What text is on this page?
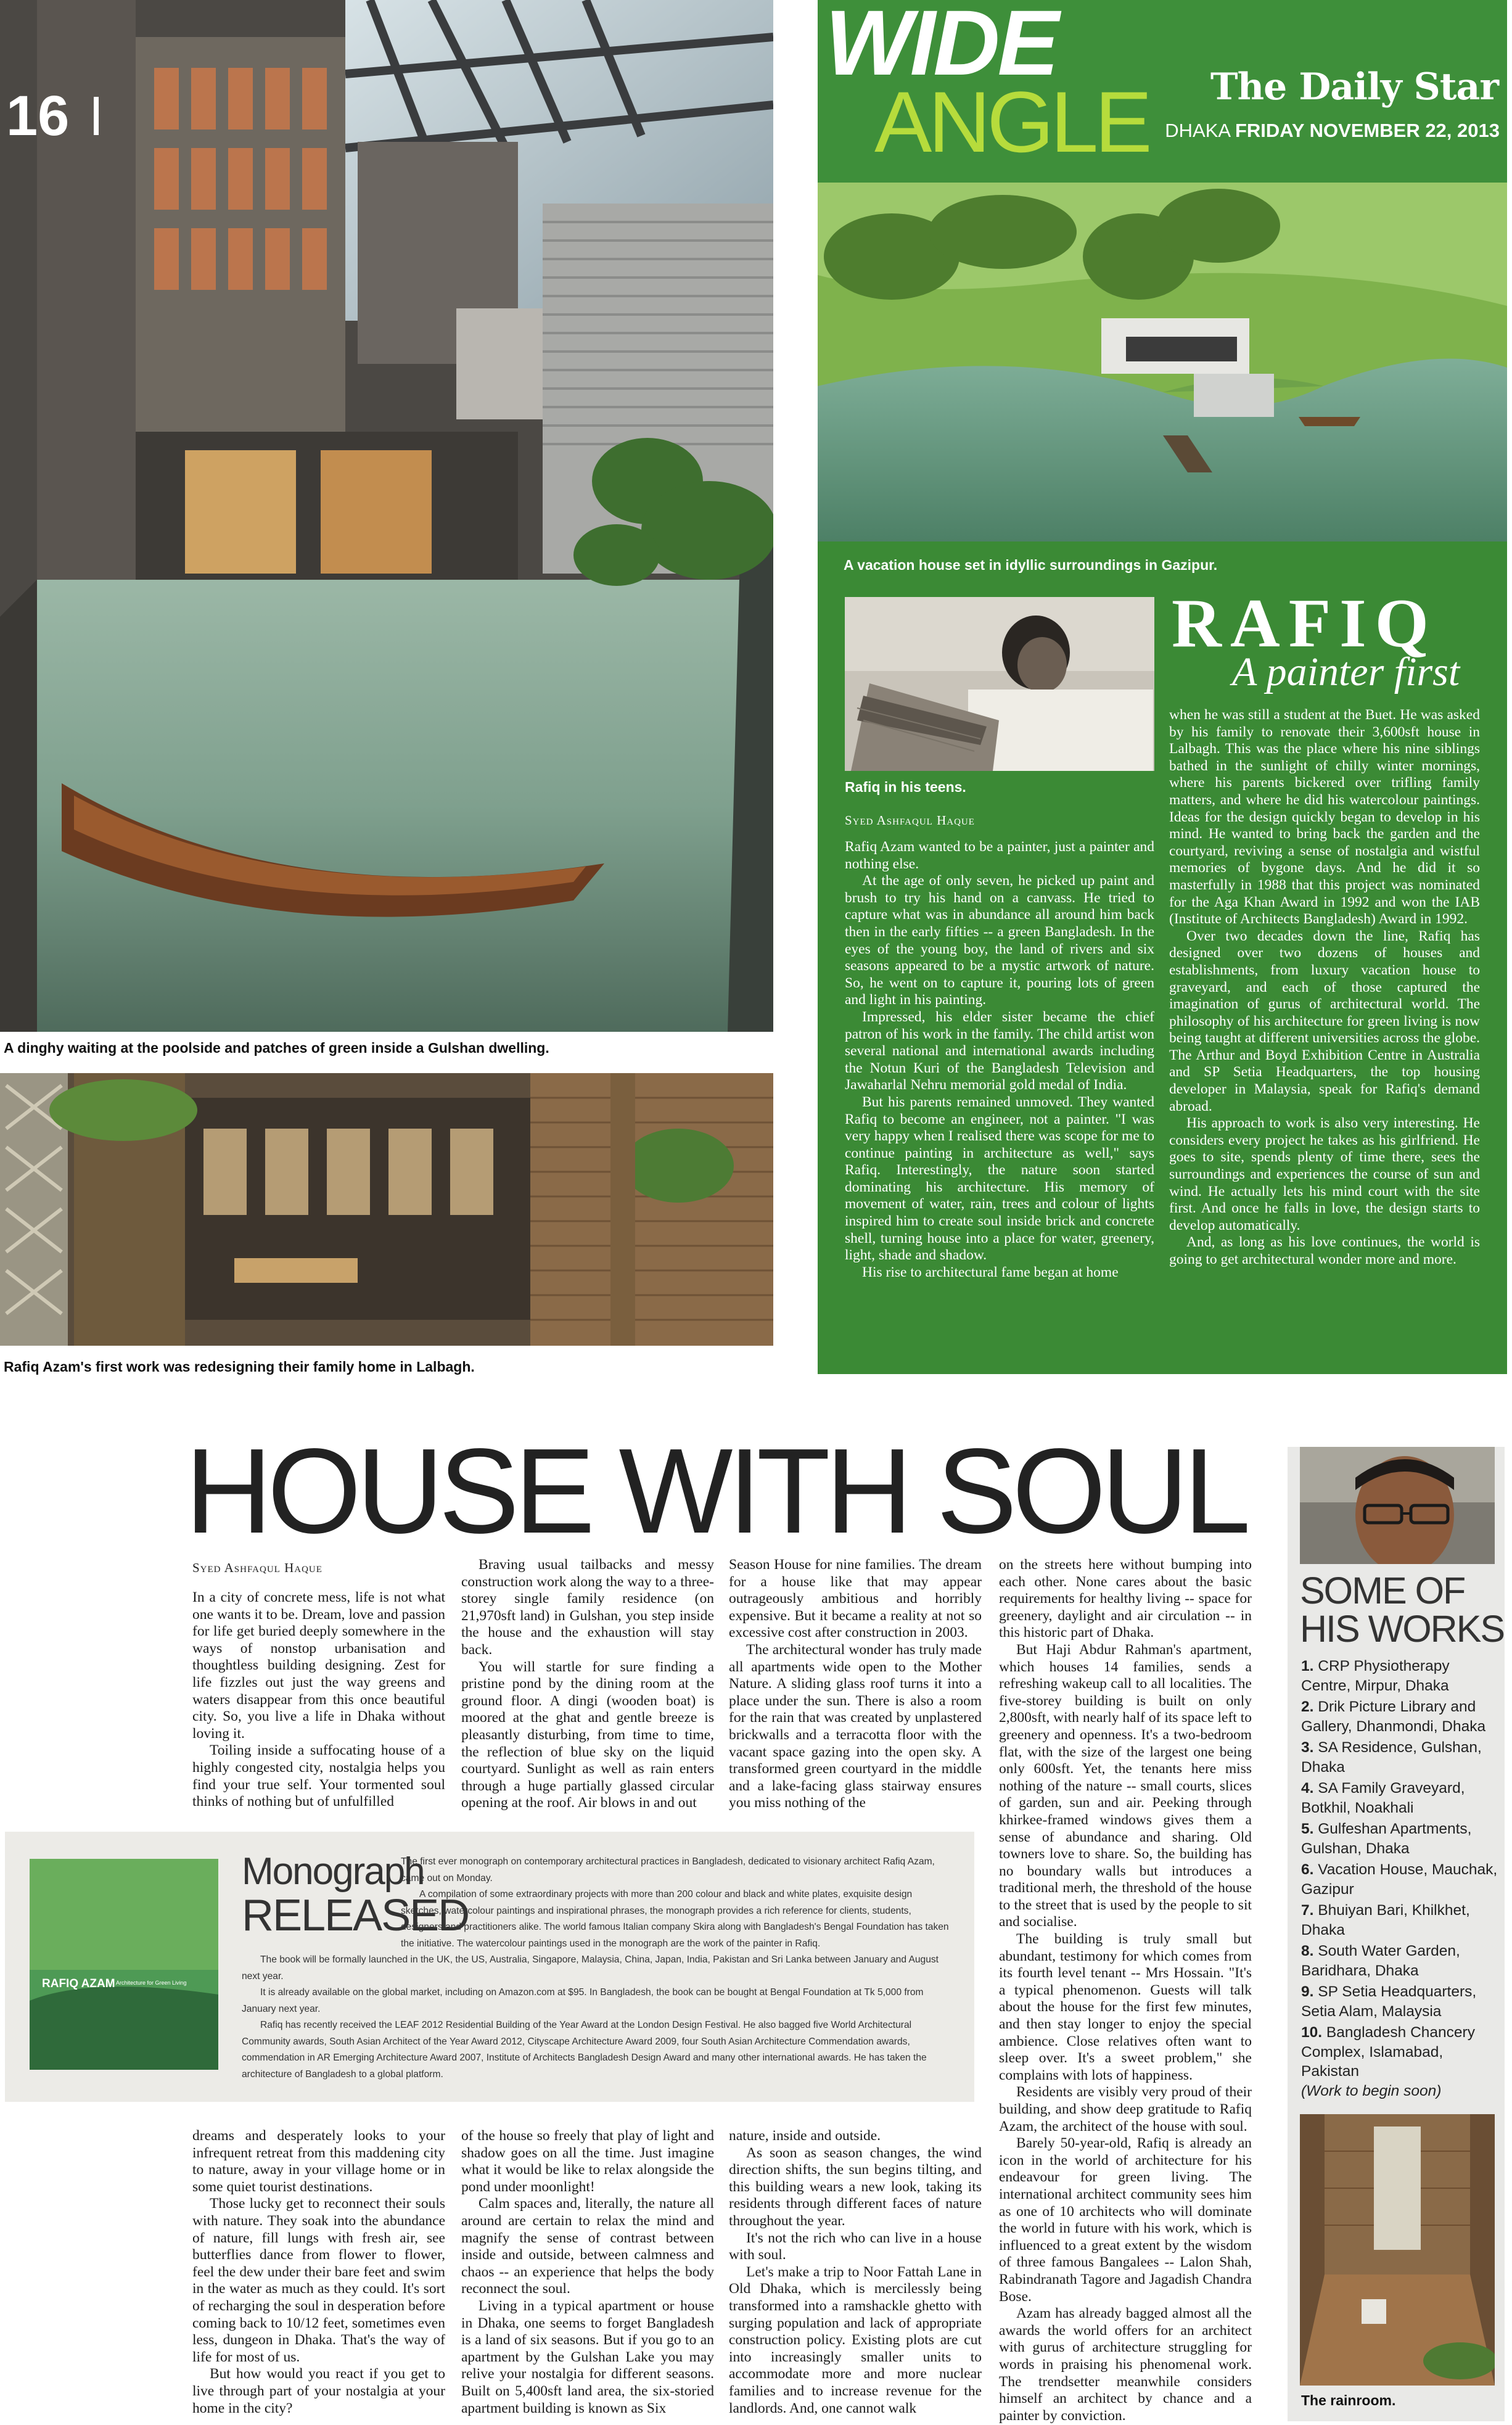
A dinghy waiting at the poolside and patches of green inside a Gulshan dwelling.
Rafiq Azam's first work was redesigning their family home in Lalbagh.
16
WIDE
ANGLE The Daily Star
DHAKA FRIDAY NOVEMBER 22, 2013
A vacation house set in idyllic surroundings in Gazipur.
Rafiq in his teens.
RAFIQ
A painter first
Syed Ashfaqul Haque

Rafiq Azam wanted to be a painter, just a painter and nothing else.

At the age of only seven, he picked up paint and brush to try his hand on a canvass. He tried to capture what was in abundance all around him back then in the early fifties -- a green Bangladesh. In the eyes of the young boy, the land of rivers and six seasons appeared to be a mystic artwork of nature. So, he went on to capture it, pouring lots of green and light in his painting.

Impressed, his elder sister became the chief patron of his work in the family. The child artist won several national and international awards including the Notun Kuri of the Bangladesh Television and Jawaharlal Nehru memorial gold medal of India.

But his parents remained unmoved. They wanted Rafiq to become an engineer, not a painter. "I was very happy when I realised there was scope for me to continue painting in architecture as well," says Rafiq. Interestingly, the nature soon started dominating his architecture. His memory of movement of water, rain, trees and colour of lights inspired him to create soul inside brick and concrete shell, turning house into a place for water, greenery, light, shade and shadow.

His rise to architectural fame began at home

when he was still a student at the Buet. He was asked by his family to renovate their 3,600sft house in Lalbagh. This was the place where his nine siblings bathed in the sunlight of chilly winter mornings, where his parents bickered over trifling family matters, and where he did his watercolour paintings. Ideas for the design quickly began to develop in his mind. He wanted to bring back the garden and the courtyard, reviving a sense of nostalgia and wistful memories of bygone days. And he did it so masterfully in 1988 that this project was nominated for the Aga Khan Award in 1992 and won the IAB (Institute of Architects Bangladesh) Award in 1992.

Over two decades down the line, Rafiq has designed over two dozens of houses and establishments, from luxury vacation house to graveyard, and each of those captured the imagination of gurus of architectural world. The philosophy of his architecture for green living is now being taught at different universities across the globe. The Arthur and Boyd Exhibition Centre in Australia and SP Setia Headquarters, the top housing developer in Malaysia, speak for Rafiq's demand abroad.

His approach to work is also very interesting. He considers every project he takes as his girlfriend. He goes to site, spends plenty of time there, sees the surroundings and experiences the course of sun and wind. He actually lets his mind court with the site first. And once he falls in love, the design starts to develop automatically.

And, as long as his love continues, the world is going to get architectural wonder more and more.

HOUSE WITH SOUL
Syed Ashfaqul Haque

In a city of concrete mess, life is not what one wants it to be. Dream, love and passion for life get buried deeply somewhere in the ways of nonstop urbanisation and thoughtless building designing. Zest for life fizzles out just the way greens and waters disappear from this once beautiful city. So, you live a life in Dhaka without loving it.

Toiling inside a suffocating house of a highly congested city, nostalgia helps you find your true self. Your tormented soul thinks of nothing but of unfulfilled

Braving usual tailbacks and messy construction work along the way to a three-storey single family residence (on 21,970sft land) in Gulshan, you step inside the house and the exhaustion will stay back.

You will startle for sure finding a pristine pond by the dining room at the ground floor. A dingi (wooden boat) is moored at the ghat and gentle breeze is pleasantly disturbing, from time to time, the reflection of blue sky on the liquid courtyard. Sunlight as well as rain enters through a huge partially glassed circular opening at the roof. Air blows in and out

Season House for nine families. The dream for a house like that may appear outrageously ambitious and horribly expensive. But it became a reality at not so excessive cost after construction in 2003.

The architectural wonder has truly made all apartments wide open to the Mother Nature. A sliding glass roof turns it into a place under the sun. There is also a room for the rain that was created by unplastered brickwalls and a terracotta floor with the vacant space gazing into the open sky. A transformed green courtyard in the middle and a lake-facing glass stairway ensures you miss nothing of the

on the streets here without bumping into each other. None cares about the basic requirements for healthy living -- space for greenery, daylight and air circulation -- in this historic part of Dhaka.

But Haji Abdur Rahman's apartment, which houses 14 families, sends a refreshing wakeup call to all localities. The five-storey building is built on only 2,800sft, with nearly half of its space left to greenery and openness. It's a two-bedroom flat, with the size of the largest one being only 600sft. Yet, the tenants here miss nothing of the nature -- small courts, slices of garden, sun and air. Peeking through khirkee-framed windows gives them a sense of abundance and sharing. Old towners love to share. So, the building has no boundary walls but introduces a traditional merh, the threshold of the house to the street that is used by the people to sit and socialise.

The building is truly small but abundant, testimony for which comes from its fourth level tenant -- Mrs Hossain. "It's a typical phenomenon. Guests will talk about the house for the first few minutes, and then stay longer to enjoy the special ambience. Close relatives often want to sleep over. It's a sweet problem," she complains with lots of happiness.

Residents are visibly very proud of their building, and show deep gratitude to Rafiq Azam, the architect of the house with soul.

Barely 50-year-old, Rafiq is already an icon in the world of architecture for his endeavour for green living. The international architect community sees him as one of 10 architects who will dominate the world in future with his work, which is influenced to a great extent by the wisdom of three famous Bangalees -- Lalon Shah, Rabindranath Tagore and Jagadish Chandra Bose.

Azam has already bagged almost all the awards the world offers for an architect with gurus of architecture struggling for words in praising his phenomenal work. The trendsetter meanwhile considers himself an architect by chance and a painter by conviction.

RAFIQ AZAM Architecture for Green Living
Monograph
RELEASED
The first ever monograph on contemporary architectural practices in Bangladesh, dedicated to visionary architect Rafiq Azam, came out on Monday.
A compilation of some extraordinary projects with more than 200 colour and black and white plates, exquisite design sketches, watercolour paintings and inspirational phrases, the monograph provides a rich reference for clients, students, designers and practitioners alike. The world famous Italian company Skira along with Bangladesh's Bengal Foundation has taken the initiative. The watercolour paintings used in the monograph are the work of the painter in Rafiq.
The book will be formally launched in the UK, the US, Australia, Singapore, Malaysia, China, Japan, India, Pakistan and Sri Lanka between January and August next year.
It is already available on the global market, including on Amazon.com at $95. In Bangladesh, the book can be bought at Bengal Foundation at Tk 5,000 from January next year.
Rafiq has recently received the LEAF 2012 Residential Building of the Year Award at the London Design Festival. He also bagged five World Architectural Community awards, South Asian Architect of the Year Award 2012, Cityscape Architecture Award 2009, four South Asian Architecture Commendation awards, commendation in AR Emerging Architecture Award 2007, Institute of Architects Bangladesh Design Award and many other international awards. He has taken the architecture of Bangladesh to a global platform.

dreams and desperately looks to your infrequent retreat from this maddening city to nature, away in your village home or in some quiet tourist destinations.

Those lucky get to reconnect their souls with nature. They soak into the abundance of nature, fill lungs with fresh air, see butterflies dance from flower to flower, feel the dew under their bare feet and swim in the water as much as they could. It's sort of recharging the soul in desperation before coming back to 10/12 feet, sometimes even less, dungeon in Dhaka. That's the way of life for most of us.

But how would you react if you get to live through part of your nostalgia at your home in the city?

of the house so freely that play of light and shadow goes on all the time. Just imagine what it would be like to relax alongside the pond under moonlight!

Calm spaces and, literally, the nature all around are certain to relax the mind and magnify the sense of contrast between inside and outside, between calmness and chaos -- an experience that helps the body reconnect the soul.

Living in a typical apartment or house in Dhaka, one seems to forget Bangladesh is a land of six seasons. But if you go to an apartment by the Gulshan Lake you may relive your nostalgia for different seasons. Built on 5,400sft land area, the six-storied apartment building is known as Six

nature, inside and outside.

As soon as season changes, the wind direction shifts, the sun begins tilting, and this building wears a new look, taking its residents through different faces of nature throughout the year.

It's not the rich who can live in a house with soul.

Let's make a trip to Noor Fattah Lane in Old Dhaka, which is mercilessly being transformed into a ramshackle ghetto with surging population and lack of appropriate construction policy. Existing plots are cut into increasingly smaller units to accommodate more and more nuclear families and to increase revenue for the landlords. And, one cannot walk

SOME OF
HIS WORKS
1. CRP Physiotherapy Centre, Mirpur, Dhaka
2. Drik Picture Library and Gallery, Dhanmondi, Dhaka
3. SA Residence, Gulshan, Dhaka
4. SA Family Graveyard, Botkhil, Noakhali
5. Gulfeshan Apartments, Gulshan, Dhaka
6. Vacation House, Mauchak, Gazipur
7. Bhuiyan Bari, Khilkhet, Dhaka
8. South Water Garden, Baridhara, Dhaka
9. SP Setia Headquarters, Setia Alam, Malaysia
10. Bangladesh Chancery Complex, Islamabad, Pakistan
(Work to begin soon)
The rainroom.
